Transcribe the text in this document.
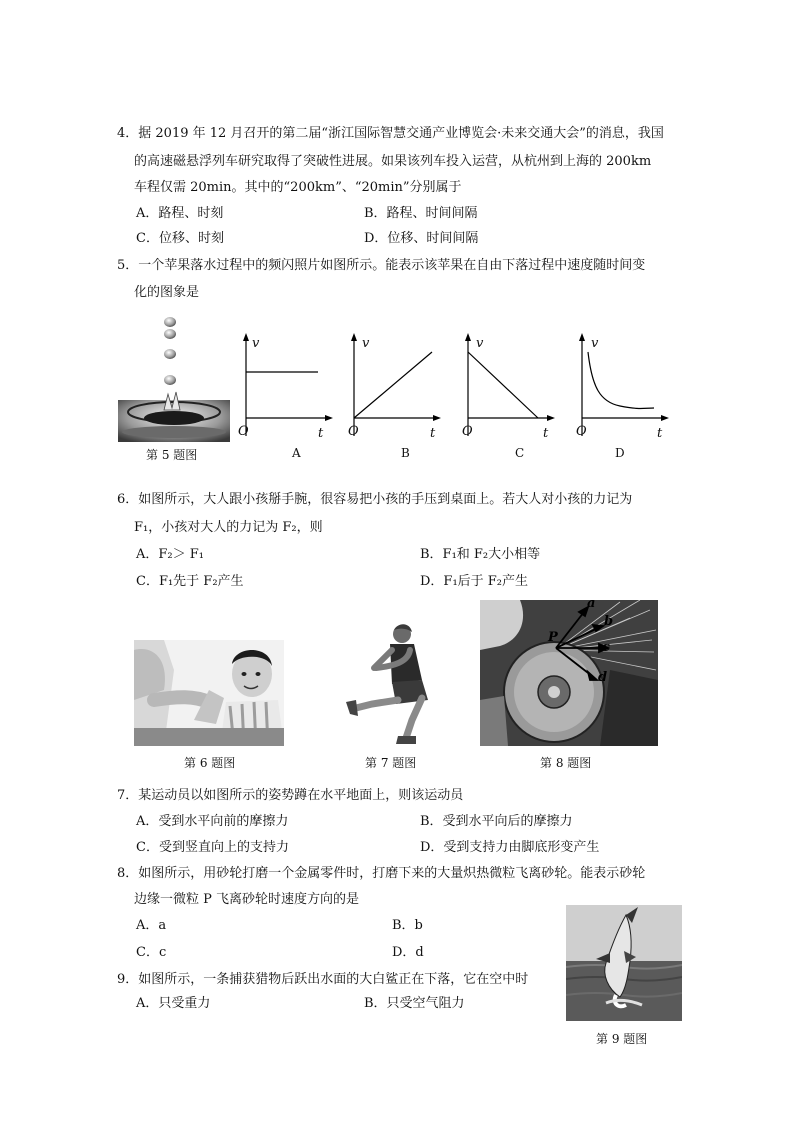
4．据 2019 年 12 月召开的第二届“浙江国际智慧交通产业博览会·未来交通大会”的消息，我国
的高速磁悬浮列车研究取得了突破性进展。如果该列车投入运营，从杭州到上海的 200km
车程仅需 20min。其中的“200km”、“20min”分别属于
A．路程、时刻	B．路程、时间间隔
C．位移、时刻	D．位移、时间间隔
5．一个苹果落水过程中的频闪照片如图所示。能表示该苹果在自由下落过程中速度随时间变
化的图象是
第 5 题图
v
O	t
A
v
O	t
B
v
O	t
C
v
O	t
D
6．如图所示，大人跟小孩掰手腕，很容易把小孩的手压到桌面上。若大人对小孩的力记为
F₁，小孩对大人的力记为 F₂，则
A．F₂＞ F₁	B．F₁和 F₂大小相等
C．F₁先于 F₂产生	D．F₁后于 F₂产生
第 6 题图	第 7 题图
a
b
c
d
P
第 8 题图
7．某运动员以如图所示的姿势蹲在水平地面上，则该运动员
A．受到水平向前的摩擦力	B．受到水平向后的摩擦力
C．受到竖直向上的支持力	D．受到支持力由脚底形变产生
8．如图所示，用砂轮打磨一个金属零件时，打磨下来的大量炽热微粒飞离砂轮。能表示砂轮
边缘一微粒 P 飞离砂轮时速度方向的是
A．a	B．b
C．c	D．d
9．如图所示，一条捕获猎物后跃出水面的大白鲨正在下落，它在空中时
A．只受重力	B．只受空气阻力
第 9 题图
